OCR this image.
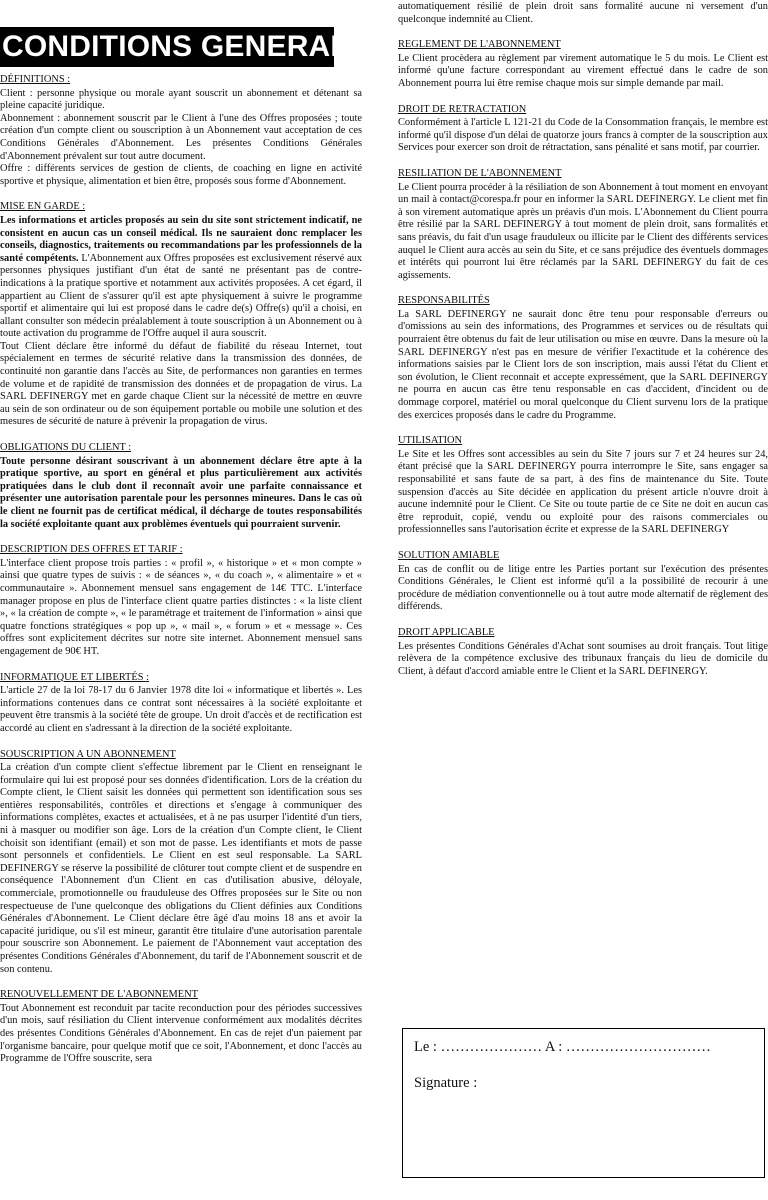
CONDITIONS GENERALES
DÉFINITIONS :

Client : personne physique ou morale ayant souscrit un abonnement et détenant sa pleine capacité juridique.

Abonnement : abonnement souscrit par le Client à l'une des Offres proposées ; toute création d'un compte client ou souscription à un Abonnement vaut acceptation de ces Conditions Générales d'Abonnement. Les présentes Conditions Générales d'Abonnement prévalent sur tout autre document.

Offre : différents services de gestion de clients, de coaching en ligne en activité sportive et physique, alimentation et bien être, proposés sous forme d'Abonnement.

MISE EN GARDE :

Les informations et articles proposés au sein du site sont strictement indicatif, ne consistent en aucun cas un conseil médical. Ils ne sauraient donc remplacer les conseils, diagnostics, traitements ou recommandations par les professionnels de la santé compétents. L'Abonnement aux Offres proposées est exclusivement réservé aux personnes physiques justifiant d'un état de santé ne présentant pas de contre-indications à la pratique sportive et notamment aux activités proposées. A cet égard, il appartient au Client de s'assurer qu'il est apte physiquement à suivre le programme sportif et alimentaire qui lui est proposé dans le cadre de(s) Offre(s) qu'il a choisi, en allant consulter son médecin préalablement à toute souscription à un Abonnement ou à toute activation du programme de l'Offre auquel il aura souscrit.

Tout Client déclare être informé du défaut de fiabilité du réseau Internet, tout spécialement en termes de sécurité relative dans la transmission des données, de continuité non garantie dans l'accès au Site, de performances non garanties en termes de volume et de rapidité de transmission des données et de propagation de virus. La SARL DEFINERGY met en garde chaque Client sur la nécessité de mettre en œuvre au sein de son ordinateur ou de son équipement portable ou mobile une solution et des mesures de sécurité de nature à prévenir la propagation de virus.

OBLIGATIONS DU CLIENT :

Toute personne désirant souscrivant à un abonnement déclare être apte à la pratique sportive, au sport en général et plus particulièrement aux activités pratiquées dans le club dont il reconnaît avoir une parfaite connaissance et présenter une autorisation parentale pour les personnes mineures. Dans le cas où le client ne fournit pas de certificat médical, il décharge de toutes responsabilités la société exploitante quant aux problèmes éventuels qui pourraient survenir.

DESCRIPTION DES OFFRES ET TARIF :

L'interface client propose trois parties : « profil », « historique » et « mon compte » ainsi que quatre types de suivis : « de séances », « du coach », « alimentaire » et « communautaire ». Abonnement mensuel sans engagement de 14€ TTC. L'interface manager propose en plus de l'interface client quatre parties distinctes : « la liste client », « la création de compte », « le paramétrage et traitement de l'information » ainsi que quatre fonctions stratégiques « pop up », « mail », « forum » et « message ». Ces offres sont explicitement décrites sur notre site internet. Abonnement mensuel sans engagement de 90€ HT.

INFORMATIQUE ET LIBERTÉS :

L'article 27 de la loi 78-17 du 6 Janvier 1978 dite loi « informatique et libertés ». Les informations contenues dans ce contrat sont nécessaires à la société exploitante et peuvent être transmis à la société tête de groupe. Un droit d'accès et de rectification est accordé au client en s'adressant à la direction de la société exploitante.

SOUSCRIPTION A UN ABONNEMENT

La création d'un compte client s'effectue librement par le Client en renseignant le formulaire qui lui est proposé pour ses données d'identification. Lors de la création du Compte client, le Client saisit les données qui permettent son identification sous ses entières responsabilités, contrôles et directions et s'engage à communiquer des informations complètes, exactes et actualisées, et à ne pas usurper l'identité d'un tiers, ni à masquer ou modifier son âge. Lors de la création d'un Compte client, le Client choisit son identifiant (email) et son mot de passe. Les identifiants et mots de passe sont personnels et confidentiels. Le Client en est seul responsable. La SARL DEFINERGY se réserve la possibilité de clôturer tout compte client et de suspendre en conséquence l'Abonnement d'un Client en cas d'utilisation abusive, déloyale, commerciale, promotionnelle ou frauduleuse des Offres proposées sur le Site ou non respectueuse de l'une quelconque des obligations du Client définies aux Conditions Générales d'Abonnement. Le Client déclare être âgé d'au moins 18 ans et avoir la capacité juridique, ou s'il est mineur, garantit être titulaire d'une autorisation parentale pour souscrire son Abonnement. Le paiement de l'Abonnement vaut acceptation des présentes Conditions Générales d'Abonnement, du tarif de l'Abonnement souscrit et de son contenu.

RENOUVELLEMENT DE L'ABONNEMENT

Tout Abonnement est reconduit par tacite reconduction pour des périodes successives d'un mois, sauf résiliation du Client intervenue conformément aux modalités décrites des présentes Conditions Générales d'Abonnement. En cas de rejet d'un paiement par l'organisme bancaire, pour quelque motif que ce soit, l'Abonnement, et donc l'accès au Programme de l'Offre souscrite, sera

automatiquement résilié de plein droit sans formalité aucune ni versement d'un quelconque indemnité au Client.

REGLEMENT DE L'ABONNEMENT

Le Client procèdera au règlement par virement automatique le 5 du mois. Le Client est informé qu'une facture correspondant au virement effectué dans le cadre de son Abonnement pourra lui être remise chaque mois sur simple demande par mail.

DROIT DE RETRACTATION

Conformément à l'article L 121-21 du Code de la Consommation français, le membre est informé qu'il dispose d'un délai de quatorze jours francs à compter de la souscription aux Services pour exercer son droit de rétractation, sans pénalité et sans motif, par courrier.

RESILIATION DE L'ABONNEMENT

Le Client pourra procéder à la résiliation de son Abonnement à tout moment en envoyant un mail à contact@corespa.fr pour en informer la SARL DEFINERGY. Le client met fin à son virement automatique après un préavis d'un mois. L'Abonnement du Client pourra être résilié par la SARL DEFINERGY à tout moment de plein droit, sans formalités et sans préavis, du fait d'un usage frauduleux ou illicite par le Client des différents services auquel le Client aura accès au sein du Site, et ce sans préjudice des éventuels dommages et intérêts qui pourront lui être réclamés par la SARL DEFINERGY du fait de ces agissements.

RESPONSABILITÉS

La SARL DEFINERGY ne saurait donc être tenu pour responsable d'erreurs ou d'omissions au sein des informations, des Programmes et services ou de résultats qui pourraient être obtenus du fait de leur utilisation ou mise en œuvre. Dans la mesure où la SARL DEFINERGY n'est pas en mesure de vérifier l'exactitude et la cohérence des informations saisies par le Client lors de son inscription, mais aussi l'état du Client et son évolution, le Client reconnait et accepte expressément, que la SARL DEFINERGY ne pourra en aucun cas être tenu responsable en cas d'accident, d'incident ou de dommage corporel, matériel ou moral quelconque du Client survenu lors de la pratique des exercices proposés dans le cadre du Programme.

UTILISATION

Le Site et les Offres sont accessibles au sein du Site 7 jours sur 7 et 24 heures sur 24, étant précisé que la SARL DEFINERGY pourra interrompre le Site, sans engager sa responsabilité et sans faute de sa part, à des fins de maintenance du Site. Toute suspension d'accès au Site décidée en application du présent article n'ouvre droit à aucune indemnité pour le Client. Ce Site ou toute partie de ce Site ne doit en aucun cas être reproduit, copié, vendu ou exploité pour des raisons commerciales ou professionnelles sans l'autorisation écrite et expresse de la SARL DEFINERGY

SOLUTION AMIABLE

En cas de conflit ou de litige entre les Parties portant sur l'exécution des présentes Conditions Générales, le Client est informé qu'il a la possibilité de recourir à une procédure de médiation conventionnelle ou à tout autre mode alternatif de règlement des différends.

DROIT APPLICABLE

Les présentes Conditions Générales d'Achat sont soumises au droit français. Tout litige relèvera de la compétence exclusive des tribunaux français du lieu de domicile du Client, à défaut d'accord amiable entre le Client et la SARL DEFINERGY.

Le : ………………… A : …………………………
Signature :
